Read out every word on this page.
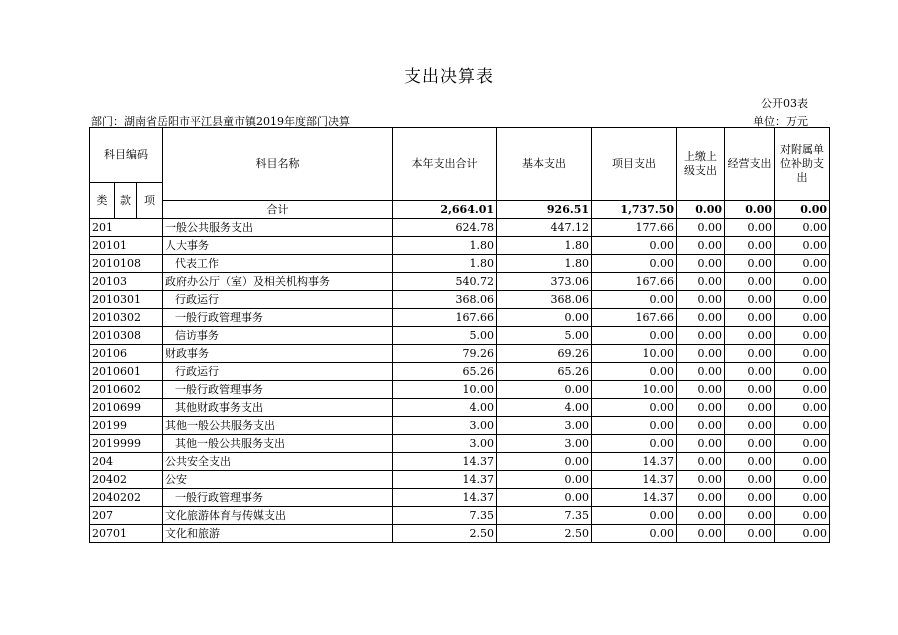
支出决算表
公开03表
部门：湖南省岳阳市平江县童市镇2019年度部门决算	单位：万元
科目编码			科目名称	本年支出合计	基本支出	项目支出	上缴上级支出	经营支出	对附属单位补助支出	
类	款	项							
			合计	2,664.01	926.51	1,737.50	0.00	0.00	0.00	
201			一般公共服务支出	624.78	447.12	177.66	0.00	0.00	0.00	
20101			人大事务	1.80	1.80	0.00	0.00	0.00	0.00	
2010108			代表工作	1.80	1.80	0.00	0.00	0.00	0.00	
20103			政府办公厅（室）及相关机构事务	540.72	373.06	167.66	0.00	0.00	0.00	
2010301			行政运行	368.06	368.06	0.00	0.00	0.00	0.00	
2010302			一般行政管理事务	167.66	0.00	167.66	0.00	0.00	0.00	
2010308			信访事务	5.00	5.00	0.00	0.00	0.00	0.00	
20106			财政事务	79.26	69.26	10.00	0.00	0.00	0.00	
2010601			行政运行	65.26	65.26	0.00	0.00	0.00	0.00	
2010602			一般行政管理事务	10.00	0.00	10.00	0.00	0.00	0.00	
2010699			其他财政事务支出	4.00	4.00	0.00	0.00	0.00	0.00	
20199			其他一般公共服务支出	3.00	3.00	0.00	0.00	0.00	0.00	
2019999			其他一般公共服务支出	3.00	3.00	0.00	0.00	0.00	0.00	
204			公共安全支出	14.37	0.00	14.37	0.00	0.00	0.00	
20402			公安	14.37	0.00	14.37	0.00	0.00	0.00	
2040202			一般行政管理事务	14.37	0.00	14.37	0.00	0.00	0.00	
207			文化旅游体育与传媒支出	7.35	7.35	0.00	0.00	0.00	0.00	
20701			文化和旅游	2.50	2.50	0.00	0.00	0.00	0.00	
